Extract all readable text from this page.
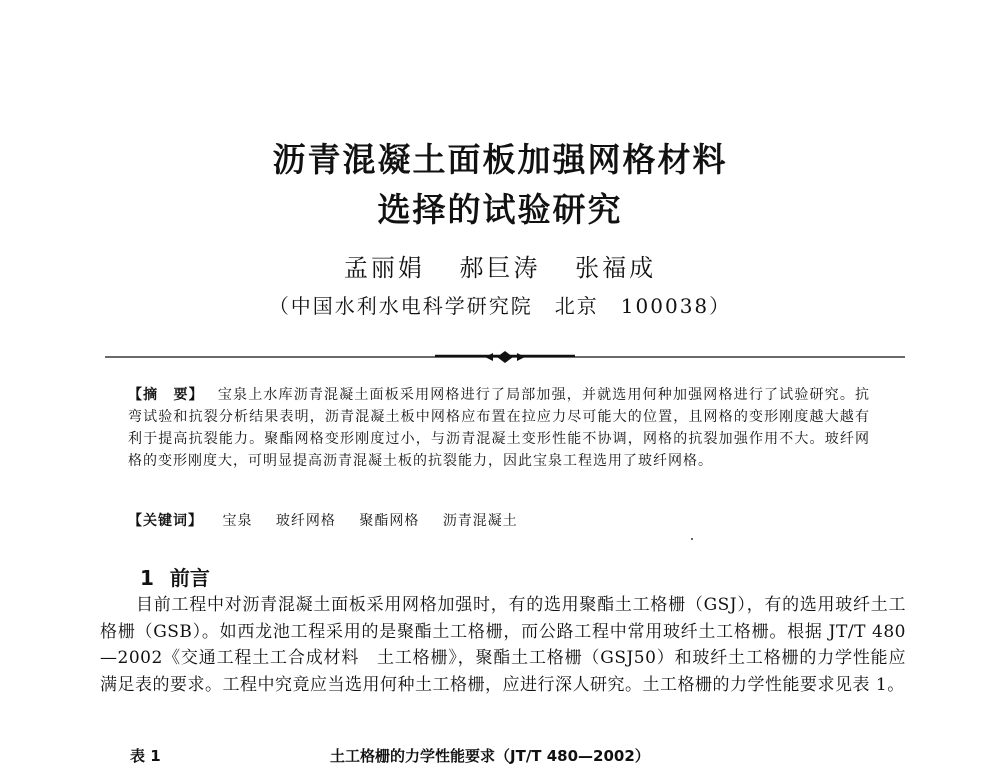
沥青混凝土面板加强网格材料
选择的试验研究
孟丽娟 郝巨涛 张福成
（中国水利水电科学研究院　北京　100038）
【摘　要】 宝泉上水库沥青混凝土面板采用网格进行了局部加强，并就选用何种加强网格进行了试验研究。抗弯试验和抗裂分析结果表明，沥青混凝土板中网格应布置在拉应力尽可能大的位置，且网格的变形刚度越大越有利于提高抗裂能力。聚酯网格变形刚度过小，与沥青混凝土变形性能不协调，网格的抗裂加强作用不大。玻纤网格的变形刚度大，可明显提高沥青混凝土板的抗裂能力，因此宝泉工程选用了玻纤网格。
【关键词】 宝泉 玻纤网格 聚酯网格 沥青混凝土
1 前言
目前工程中对沥青混凝土面板采用网格加强时，有的选用聚酯土工格栅（GSJ），有的选用玻纤土工格栅（GSB）。如西龙池工程采用的是聚酯土工格栅，而公路工程中常用玻纤土工格栅。根据 JT/T 480—2002《交通工程土工合成材料　土工格栅》，聚酯土工格栅（GSJ50）和玻纤土工格栅的力学性能应满足表的要求。工程中究竟应当选用何种土工格栅，应进行深人研究。土工格栅的力学性能要求见表 1。
表 1	土工格栅的力学性能要求（JT/T 480—2002）
